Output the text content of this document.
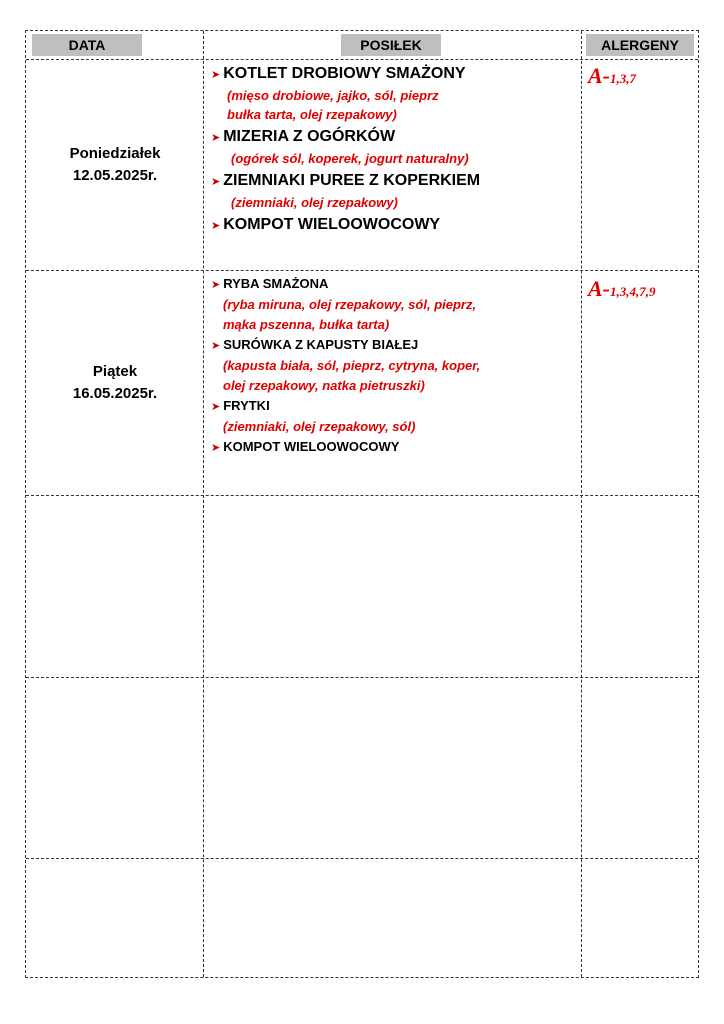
DATA	POSIŁEK	ALERGENY
Poniedziałek
12.05.2025r.
➤ KOTLET DROBIOWY SMAŻONY
(mięso drobiowe, jajko, sól, pieprz
bułka tarta, olej rzepakowy)
➤ MIZERIA Z OGÓRKÓW
(ogórek sól, koperek, jogurt naturalny)
➤ ZIEMNIAKI PUREE Z KOPERKIEM
(ziemniaki, olej rzepakowy)
➤ KOMPOT WIELOOWOCOWY
A-1,3,7
Piątek
16.05.2025r.
➤ RYBA SMAŻONA
(ryba miruna, olej rzepakowy, sól, pieprz,
mąka pszenna, bułka tarta)
➤ SURÓWKA Z KAPUSTY BIAŁEJ
(kapusta biała, sól, pieprz, cytryna, koper,
olej rzepakowy, natka pietruszki)
➤ FRYTKI
(ziemniaki, olej rzepakowy, sól)
➤ KOMPOT WIELOOWOCOWY
A-1,3,4,7,9
